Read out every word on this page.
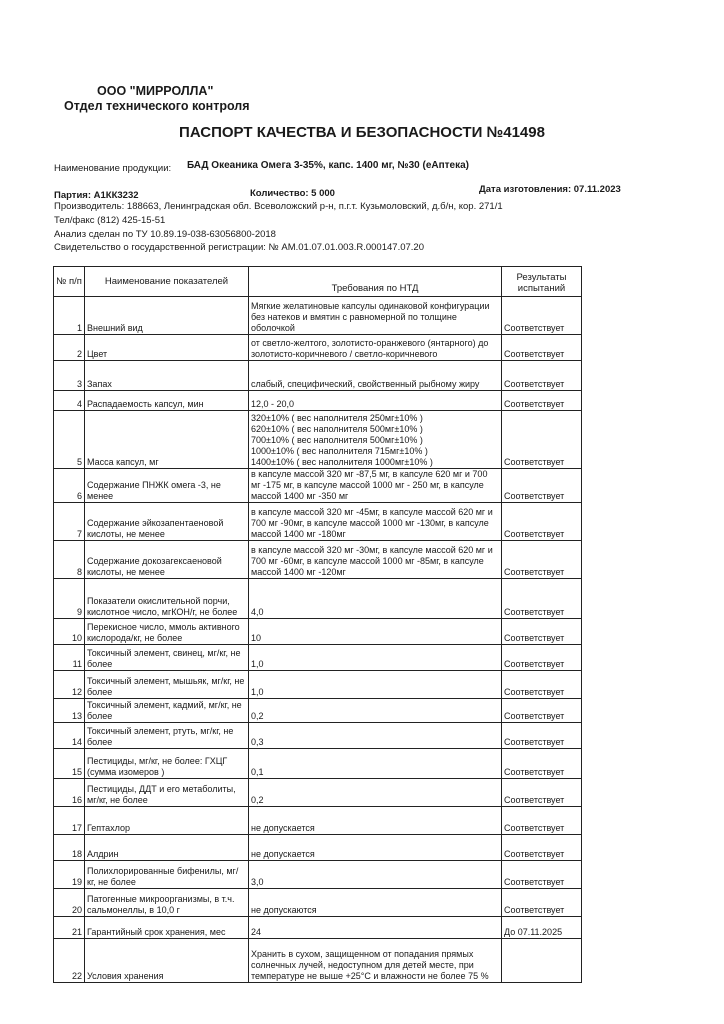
ООО "МИРРОЛЛА"
Отдел технического контроля
ПАСПОРТ КАЧЕСТВА И БЕЗОПАСНОСТИ №41498
Наименование продукции: БАД Океаника Омега 3-35%, капс. 1400 мг, №30 (еАптека)
Партия: А1КК3232	Количество: 5 000	Дата изготовления: 07.11.2023
Производитель: 188663, Ленинградская обл. Всеволожский р-н, п.г.т. Кузьмоловский, д.б/н, кор. 271/1
Тел/факс (812) 425-15-51
Анализ сделан по ТУ 10.89.19-038-63056800-2018
Свидетельство о государственной регистрации: № AM.01.07.01.003.R.000147.07.20
№ п/п	Наименование показателей	Требования по НТД	Результаты испытаний
1	Внешний вид	Мягкие желатиновые капсулы одинаковой конфигурации без натеков и вмятин с равномерной по толщине оболочкой	Соответствует
2	Цвет	от светло-желтого, золотисто-оранжевого (янтарного) до золотисто-коричневого / светло-коричневого	Соответствует
3	Запах	слабый, специфический, свойственный рыбному жиру	Соответствует
4	Распадаемость капсул, мин	12,0 - 20,0	Соответствует
5	Масса капсул, мг	320±10% ( вес наполнителя 250мг±10% )
620±10% ( вес наполнителя 500мг±10% )
700±10% ( вес наполнителя 500мг±10% )
1000±10% ( вес наполнителя 715мг±10% )
1400±10% ( вес наполнителя 1000мг±10% )	Соответствует
6	Содержание ПНЖК омега -3, не менее	в капсуле массой 320 мг -87,5 мг, в капсуле 620 мг и 700 мг -175 мг, в капсуле массой 1000 мг - 250 мг, в капсуле массой 1400 мг -350 мг	Соответствует
7	Содержание эйкозапентаеновой кислоты, не менее	в капсуле массой 320 мг -45мг, в капсуле массой 620 мг и 700 мг -90мг, в капсуле массой 1000 мг -130мг, в капсуле массой 1400 мг -180мг	Соответствует
8	Содержание докозагексаеновой кислоты, не менее	в капсуле массой 320 мг -30мг, в капсуле массой 620 мг и 700 мг -60мг, в капсуле массой 1000 мг -85мг, в капсуле массой 1400 мг -120мг	Соответствует
9	Показатели окислительной порчи, кислотное число, мгКОН/г, не более	4,0	Соответствует
10	Перекисное число, ммоль активного кислорода/кг, не более	10	Соответствует
11	Токсичный элемент, свинец, мг/кг, не более	1,0	Соответствует
12	Токсичный элемент, мышьяк, мг/кг, не более	1,0	Соответствует
13	Токсичный элемент, кадмий, мг/кг, не более	0,2	Соответствует
14	Токсичный элемент, ртуть, мг/кг, не более	0,3	Соответствует
15	Пестициды, мг/кг, не более: ГХЦГ (сумма изомеров )	0,1	Соответствует
16	Пестициды, ДДТ и его метаболиты, мг/кг, не более	0,2	Соответствует
17	Гептахлор	не допускается	Соответствует
18	Алдрин	не допускается	Соответствует
19	Полихлорированные бифенилы, мг/кг, не более	3,0	Соответствует
20	Патогенные микроорганизмы, в т.ч. сальмонеллы, в 10,0 г	не допускаются	Соответствует
21	Гарантийный срок хранения, мес	24	До 07.11.2025
22	Условия хранения	Хранить в сухом, защищенном от попадания прямых солнечных лучей, недоступном для детей месте, при температуре не выше +25°С и влажности не более 75 %	
